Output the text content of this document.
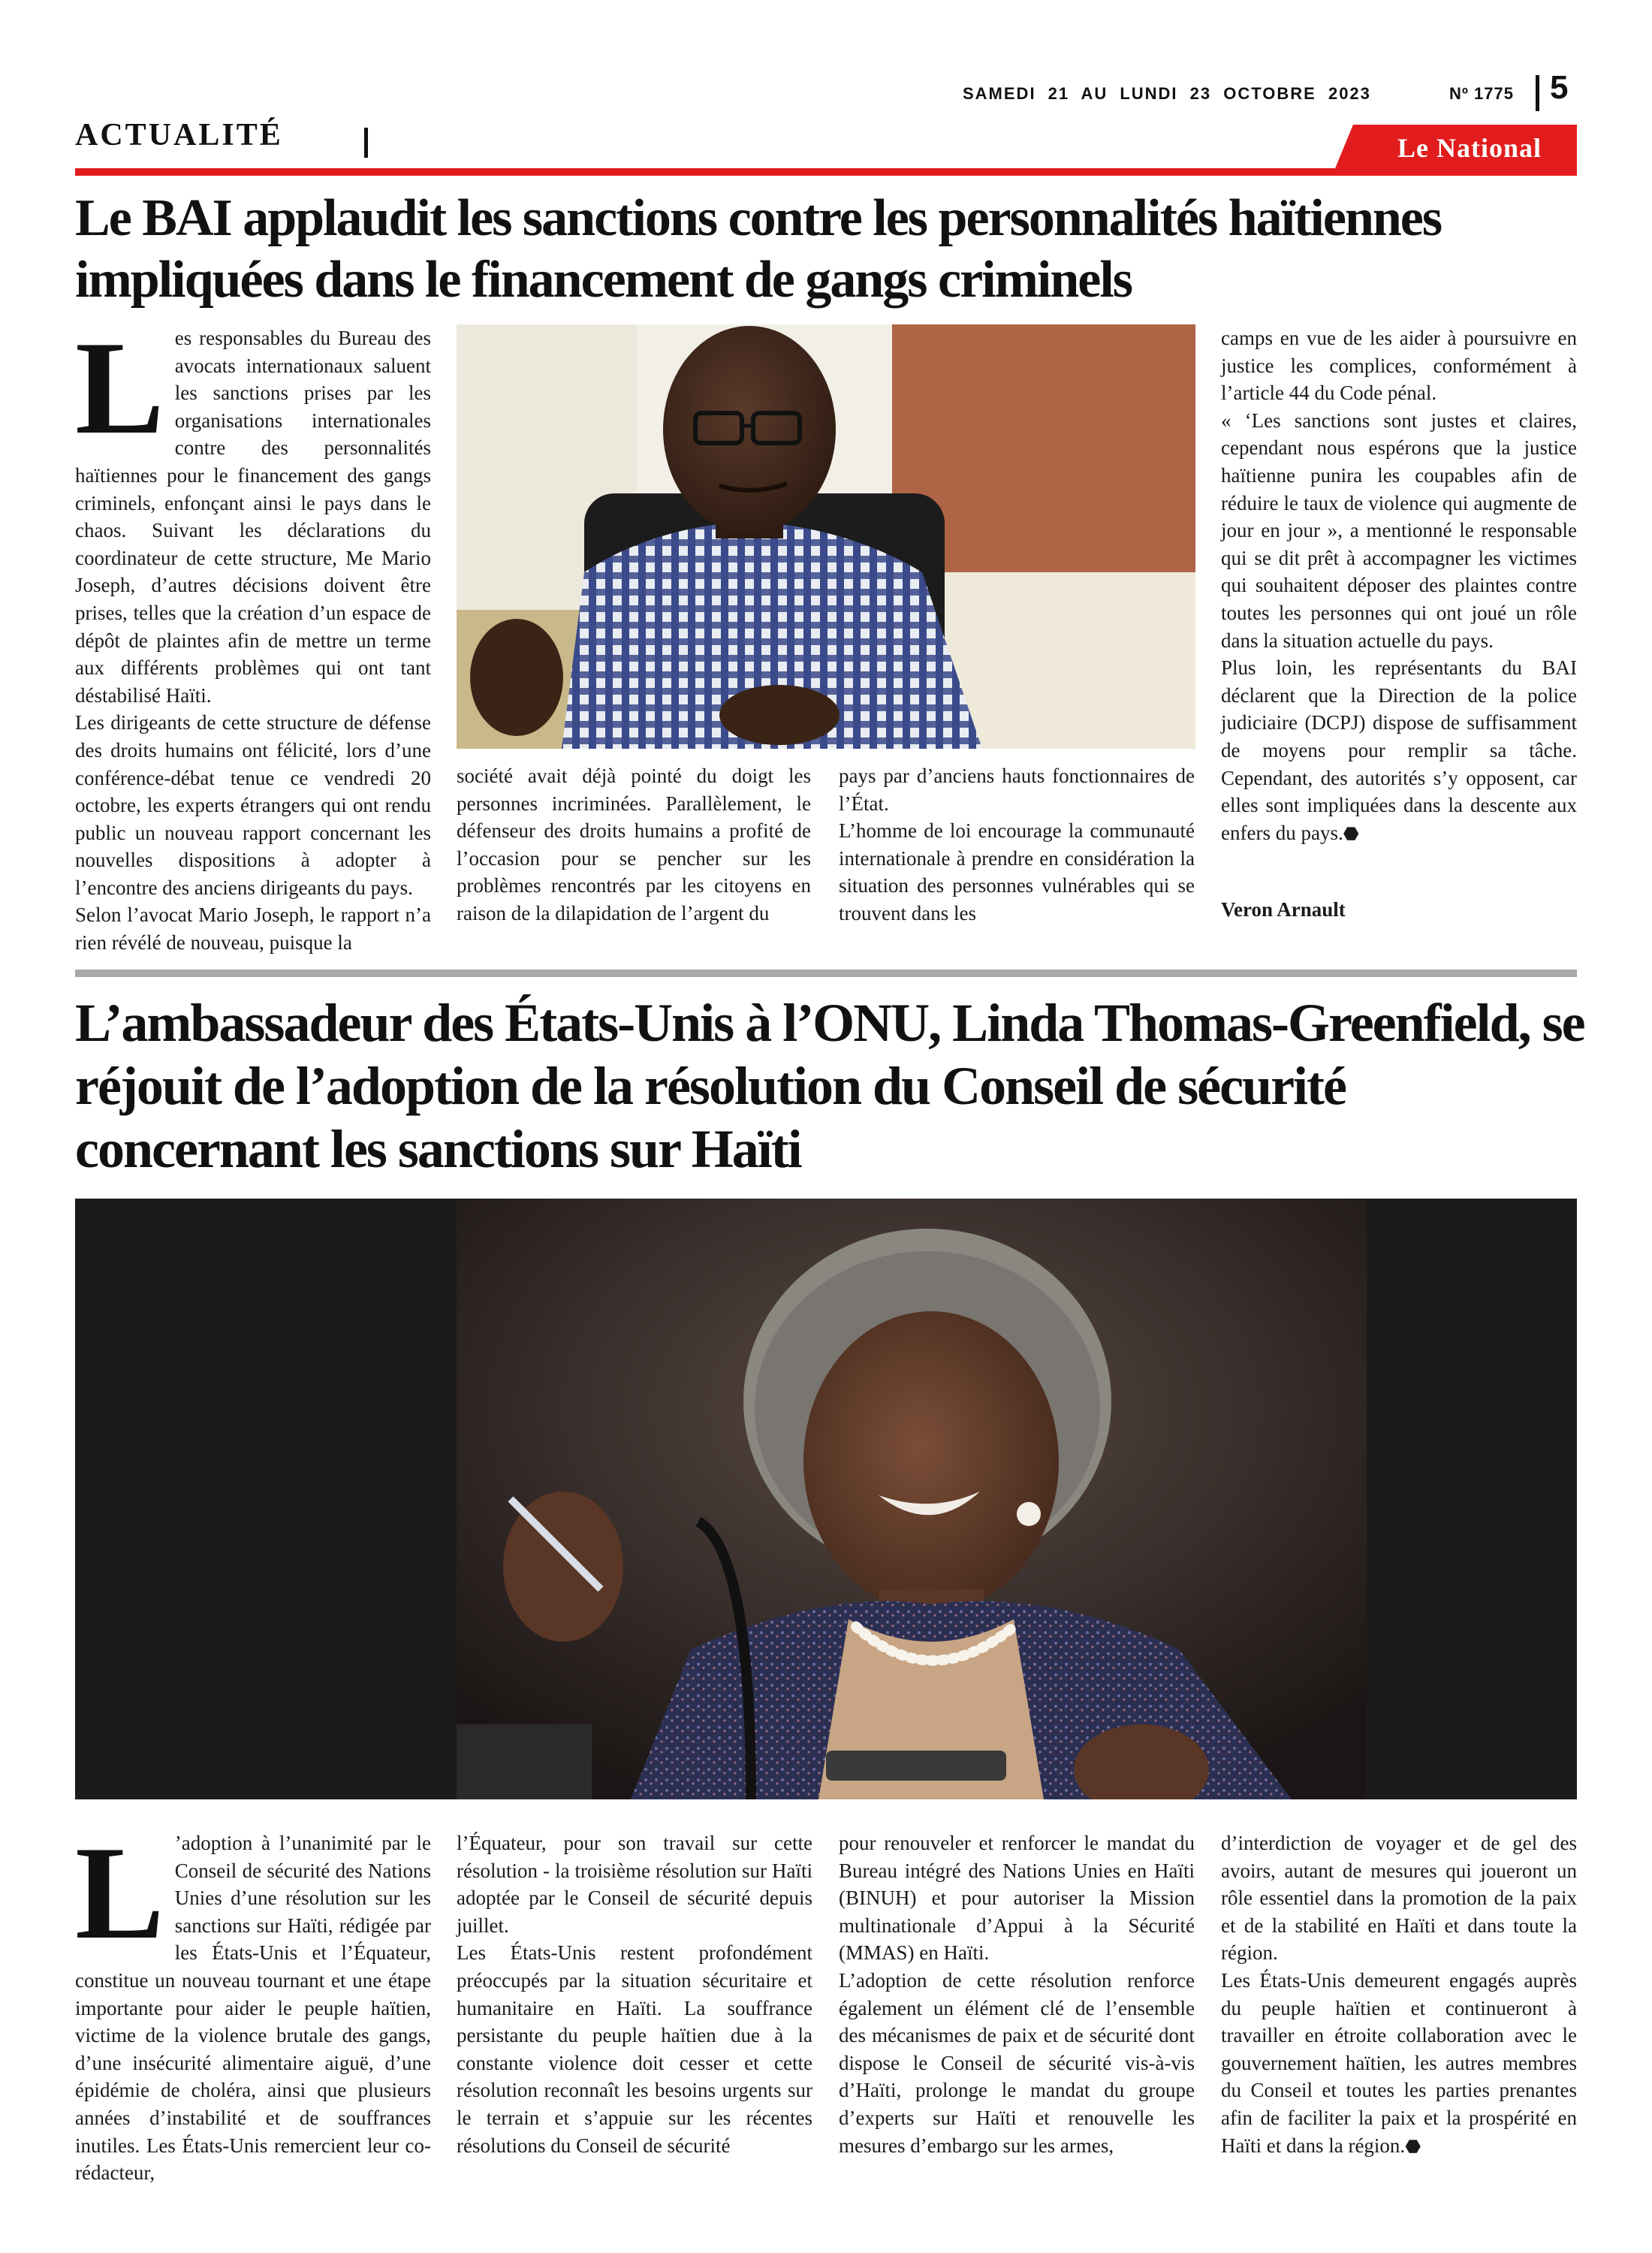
SAMEDI 21 AU LUNDI 23 OCTOBRE 2023	Nº 1775 5
ACTUALITÉ	Le National
Le BAI applaudit les sanctions contre les personnalités haïtiennes impliquées dans le financement de gangs criminels

Les responsables du Bureau des avocats internationaux saluent les sanctions prises par les organisations internationales contre des personnalités haïtiennes pour le financement des gangs criminels, enfonçant ainsi le pays dans le chaos. Suivant les déclarations du coordinateur de cette structure, Me Mario Joseph, d’autres décisions doivent être prises, telles que la création d’un espace de dépôt de plaintes afin de mettre un terme aux différents problèmes qui ont tant déstabilisé Haïti.

Les dirigeants de cette structure de défense des droits humains ont félicité, lors d’une conférence-débat tenue ce vendredi 20 octobre, les experts étrangers qui ont rendu public un nouveau rapport concernant les nouvelles dispositions à adopter à l’encontre des anciens dirigeants du pays.

Selon l’avocat Mario Joseph, le rapport n’a rien révélé de nouveau, puisque la

société avait déjà pointé du doigt les personnes incriminées. Parallèlement, le défenseur des droits humains a profité de l’occasion pour se pencher sur les problèmes rencontrés par les citoyens en raison de la dilapidation de l’argent du

pays par d’anciens hauts fonctionnaires de l’État.

L’homme de loi encourage la communauté internationale à prendre en considération la situation des personnes vulnérables qui se trouvent dans les

camps en vue de les aider à poursuivre en justice les complices, conformément à l’article 44 du Code pénal.

« ‘Les sanctions sont justes et claires, cependant nous espérons que la justice haïtienne punira les coupables afin de réduire le taux de violence qui augmente de jour en jour », a mentionné le responsable qui se dit prêt à accompagner les victimes qui souhaitent déposer des plaintes contre toutes les personnes qui ont joué un rôle dans la situation actuelle du pays.

Plus loin, les représentants du BAI déclarent que la Direction de la police judiciaire (DCPJ) dispose de suffisamment de moyens pour remplir sa tâche. Cependant, des autorités s’y opposent, car elles sont impliquées dans la descente aux enfers du pays.⬣

Veron Arnault
L’ambassadeur des États-Unis à l’ONU, Linda Thomas-Greenfield, se réjouit de l’adoption de la résolution du Conseil de sécurité concernant les sanctions sur Haïti

L ’adoption à l’unanimité par le Conseil de sécurité des Nations Unies d’une résolution sur les sanctions sur Haïti, rédigée par les États-Unis et l’Équateur, constitue un nouveau tournant et une étape importante pour aider le peuple haïtien, victime de la violence brutale des gangs, d’une insécurité alimentaire aiguë, d’une épidémie de choléra, ainsi que plusieurs années d’instabilité et de souffrances inutiles. Les États-Unis remercient leur co-rédacteur,

l’Équateur, pour son travail sur cette résolution - la troisième résolution sur Haïti adoptée par le Conseil de sécurité depuis juillet.

Les États-Unis restent profondément préoccupés par la situation sécuritaire et humanitaire en Haïti. La souffrance persistante du peuple haïtien due à la constante violence doit cesser et cette résolution reconnaît les besoins urgents sur le terrain et s’appuie sur les récentes résolutions du Conseil de sécurité

pour renouveler et renforcer le mandat du Bureau intégré des Nations Unies en Haïti (BINUH) et pour autoriser la Mission multinationale d’Appui à la Sécurité (MMAS) en Haïti.

L’adoption de cette résolution renforce également un élément clé de l’ensemble des mécanismes de paix et de sécurité dont dispose le Conseil de sécurité vis-à-vis d’Haïti, prolonge le mandat du groupe d’experts sur Haïti et renouvelle les mesures d’embargo sur les armes,

d’interdiction de voyager et de gel des avoirs, autant de mesures qui joueront un rôle essentiel dans la promotion de la paix et de la stabilité en Haïti et dans toute la région.

Les États-Unis demeurent engagés auprès du peuple haïtien et continueront à travailler en étroite collaboration avec le gouvernement haïtien, les autres membres du Conseil et toutes les parties prenantes afin de faciliter la paix et la prospérité en Haïti et dans la région.⬣
